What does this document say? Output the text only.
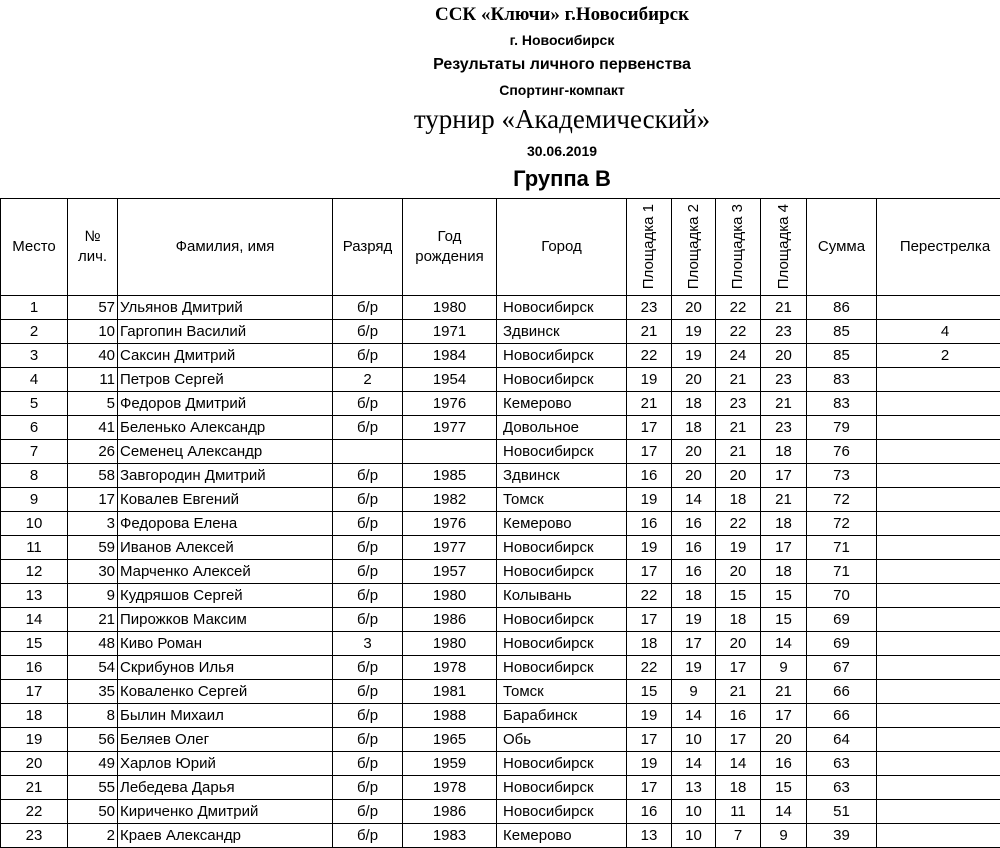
ССК «Ключи» г.Новосибирск
г. Новосибирск
Результаты личного первенства
Спортинг-компакт
турнир «Академический»
30.06.2019
Группа B
Место	№ лич.	Фамилия, имя	Разряд	Год рождения	Город	Площадка 1	Площадка 2	Площадка 3	Площадка 4	Сумма	Перестрелка
1	57	Ульянов Дмитрий	б/р	1980	Новосибирск	23	20	22	21	86	
2	10	Гаргопин Василий	б/р	1971	Здвинск	21	19	22	23	85	4
3	40	Саксин Дмитрий	б/р	1984	Новосибирск	22	19	24	20	85	2
4	11	Петров Сергей	2	1954	Новосибирск	19	20	21	23	83	
5	5	Федоров Дмитрий	б/р	1976	Кемерово	21	18	23	21	83	
6	41	Беленько Александр	б/р	1977	Довольное	17	18	21	23	79	
7	26	Семенец Александр			Новосибирск	17	20	21	18	76	
8	58	Завгородин Дмитрий	б/р	1985	Здвинск	16	20	20	17	73	
9	17	Ковалев Евгений	б/р	1982	Томск	19	14	18	21	72	
10	3	Федорова Елена	б/р	1976	Кемерово	16	16	22	18	72	
11	59	Иванов Алексей	б/р	1977	Новосибирск	19	16	19	17	71	
12	30	Марченко Алексей	б/р	1957	Новосибирск	17	16	20	18	71	
13	9	Кудряшов Сергей	б/р	1980	Колывань	22	18	15	15	70	
14	21	Пирожков Максим	б/р	1986	Новосибирск	17	19	18	15	69	
15	48	Киво Роман	3	1980	Новосибирск	18	17	20	14	69	
16	54	Скрибунов Илья	б/р	1978	Новосибирск	22	19	17	9	67	
17	35	Коваленко Сергей	б/р	1981	Томск	15	9	21	21	66	
18	8	Былин Михаил	б/р	1988	Барабинск	19	14	16	17	66	
19	56	Беляев Олег	б/р	1965	Обь	17	10	17	20	64	
20	49	Харлов Юрий	б/р	1959	Новосибирск	19	14	14	16	63	
21	55	Лебедева Дарья	б/р	1978	Новосибирск	17	13	18	15	63	
22	50	Кириченко Дмитрий	б/р	1986	Новосибирск	16	10	11	14	51	
23	2	Краев Александр	б/р	1983	Кемерово	13	10	7	9	39	
